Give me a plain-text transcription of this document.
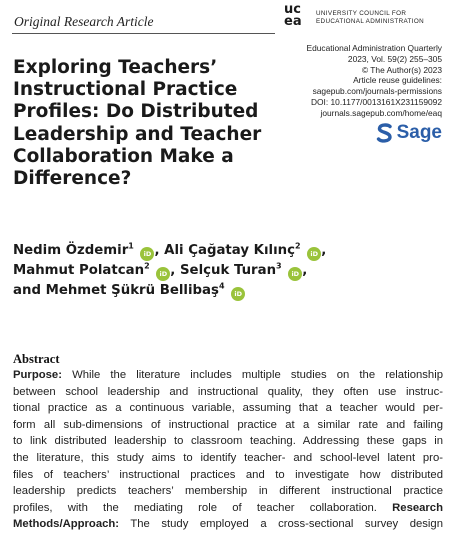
Original Research Article
uc
ea
UNIVERSITY COUNCIL FOR
EDUCATIONAL ADMINISTRATION
Educational Administration Quarterly
2023, Vol. 59(2) 255–305
© The Author(s) 2023
Article reuse guidelines:
sagepub.com/journals-permissions
DOI: 10.1177/0013161X231159092
journals.sagepub.com/home/eaq
Sage
Exploring Teachers’
Instructional Practice
Profiles: Do Distributed
Leadership and Teacher
Collaboration Make a
Difference?
Nedim Özdemir$^1$ iD , Ali Çağatay Kılınç$^2$ iD ,
Mahmut Polatcan$^2$ iD , Selçuk Turan$^3$ iD ,
and Mehmet Şükrü Bellibaş$^4$ iD
Abstract
Purpose: While the literature includes multiple studies on the relationship
between school leadership and instructional quality, they often use instruc-
tional practice as a continuous variable, assuming that a teacher would per-
form all sub-dimensions of instructional practice at a similar rate and failing
to link distributed leadership to classroom teaching. Addressing these gaps in
the literature, this study aims to identify teacher- and school-level latent pro-
files of teachers’ instructional practices and to investigate how distributed
leadership predicts teachers’ membership in different instructional practice
profiles, with the mediating role of teacher collaboration. Research
Methods/Approach: The study employed a cross-sectional survey design
